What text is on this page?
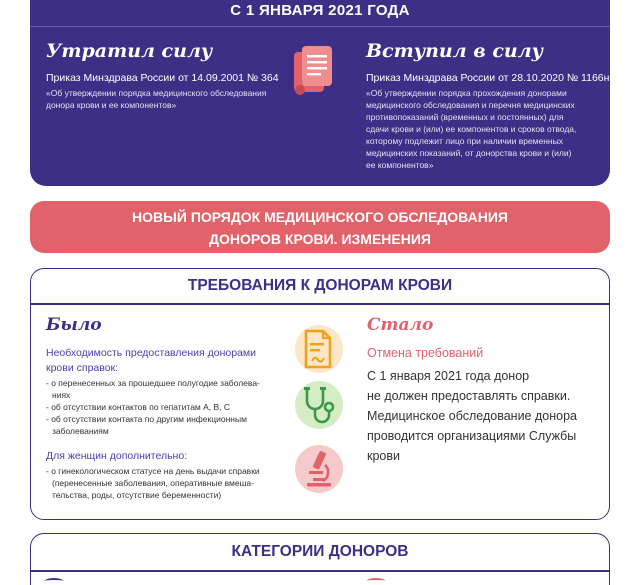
С 1 ЯНВАРЯ 2021 ГОДА
Утратил силу
Приказ Минздрава России от 14.09.2001 № 364
«Об утверждении порядка медицинского обследования
донора крови и ее компонентов»
Вступил в силу
Приказ Минздрава России от 28.10.2020 № 1166н
«Об утверждении порядка прохождения донорами
медицинского обследования и перечня медицинских
противопоказаний (временных и постоянных) для
сдачи крови и (или) ее компонентов и сроков отвода,
которому подлежит лицо при наличии временных
медицинских показаний, от донорства крови и (или)
ее компонентов»
НОВЫЙ ПОРЯДОК МЕДИЦИНСКОГО ОБСЛЕДОВАНИЯ
ДОНОРОВ КРОВИ. ИЗМЕНЕНИЯ
ТРЕБОВАНИЯ К ДОНОРАМ КРОВИ
Было
Необходимость предоставления донорами
крови справок:
- о перенесенных за прошедшее полугодие заболева-
ниях
- об отсутствии контактов по гепатитам А, В, С
- об отсутствии контакта по другим инфекционным
заболеваниям
Для женщин дополнительно:
- о гинекологическом статусе на день выдачи справки
(перенесенные заболевания, оперативные вмеша-
тельства, роды, отсутствие беременности)
Стало
Отмена требований
С 1 января 2021 года донор
не должен предоставлять справки.
Медицинское обследование донора
проводится организациями Службы
крови
КАТЕГОРИИ ДОНОРОВ
